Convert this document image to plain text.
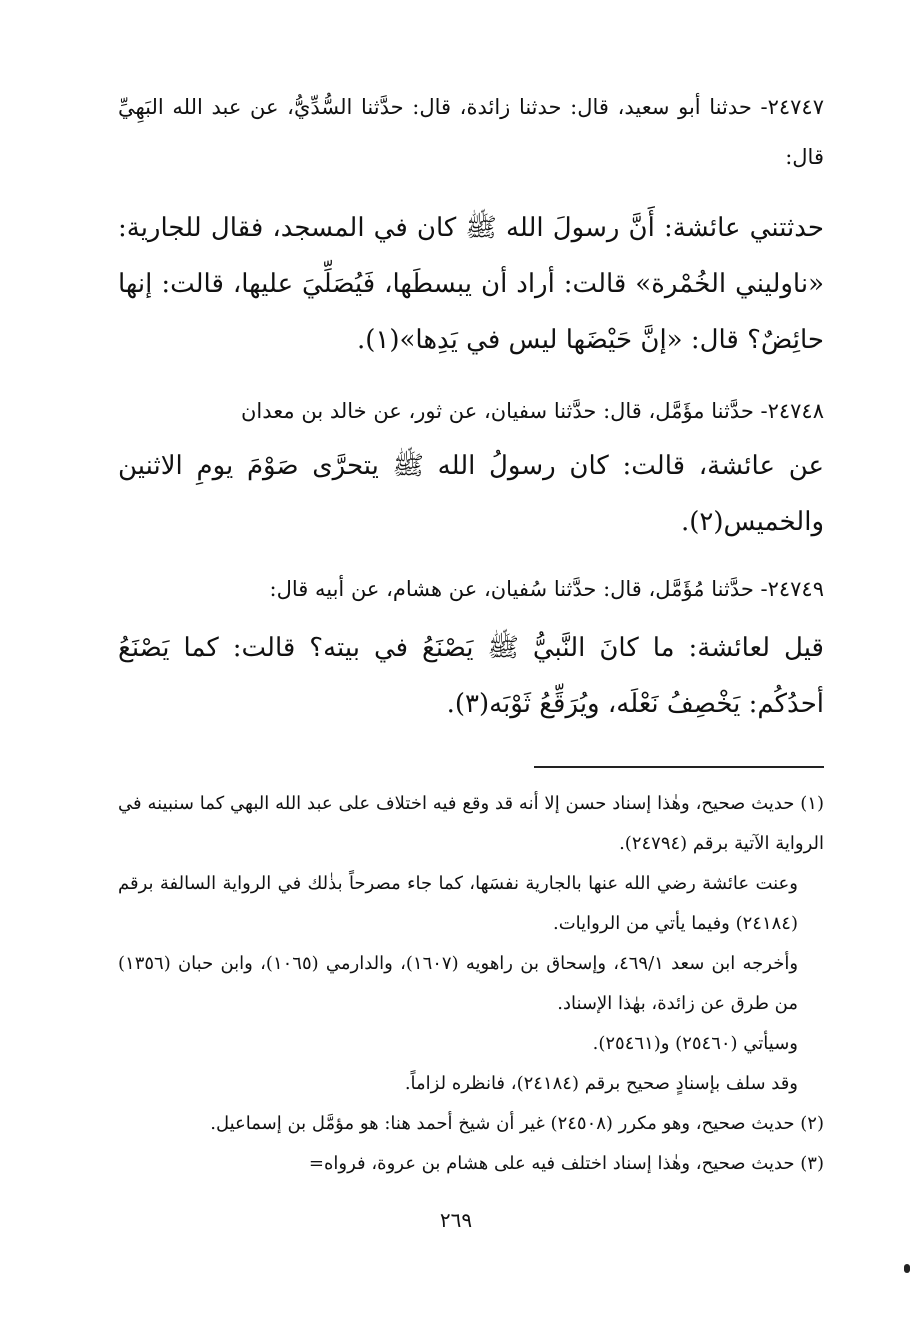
٢٤٧٤٧- حدثنا أبو سعيد، قال: حدثنا زائدة، قال: حدَّثنا السُّدِّيُّ، عن عبد الله البَهِيِّ قال:
حدثتني عائشة: أَنَّ رسولَ الله ﷺ كان في المسجد، فقال للجارية: «ناوليني الخُمْرة» قالت: أراد أن يبسطَها، فَيُصَلِّيَ عليها، قالت: إنها حائِضٌ؟ قال: «إنَّ حَيْضَها ليس في يَدِها»(١).
٢٤٧٤٨- حدَّثنا مؤَمَّل، قال: حدَّثنا سفيان، عن ثور، عن خالد بن معدان
عن عائشة، قالت: كان رسولُ الله ﷺ يتحرَّى صَوْمَ يومِ الاثنين والخميس(٢).
٢٤٧٤٩- حدَّثنا مُؤَمَّل، قال: حدَّثنا سُفيان، عن هشام، عن أبيه قال:
قيل لعائشة: ما كانَ النَّبيُّ ﷺ يَصْنَعُ في بيته؟ قالت: كما يَصْنَعُ أحدُكُم: يَخْصِفُ نَعْلَه، ويُرَقِّعُ ثَوْبَه(٣).
(١) حديث صحيح، وهٰذا إسناد حسن إلا أنه قد وقع فيه اختلاف على عبد الله البهي كما سنبينه في الرواية الآتية برقم (٢٤٧٩٤).
وعنت عائشة رضي الله عنها بالجارية نفسَها، كما جاء مصرحاً بذٰلك في الرواية السالفة برقم (٢٤١٨٤) وفيما يأتي من الروايات.
وأخرجه ابن سعد ٤٦٩/١، وإسحاق بن راهويه (١٦٠٧)، والدارمي (١٠٦٥)، وابن حبان (١٣٥٦) من طرق عن زائدة، بهٰذا الإسناد.
وسيأتي (٢٥٤٦٠) و(٢٥٤٦١).
وقد سلف بإسنادٍ صحيح برقم (٢٤١٨٤)، فانظره لزاماً.
(٢) حديث صحيح، وهو مكرر (٢٤٥٠٨) غير أن شيخ أحمد هنا: هو مؤمَّل بن إسماعيل.
(٣) حديث صحيح، وهٰذا إسناد اختلف فيه على هشام بن عروة، فرواه=
٢٦٩
